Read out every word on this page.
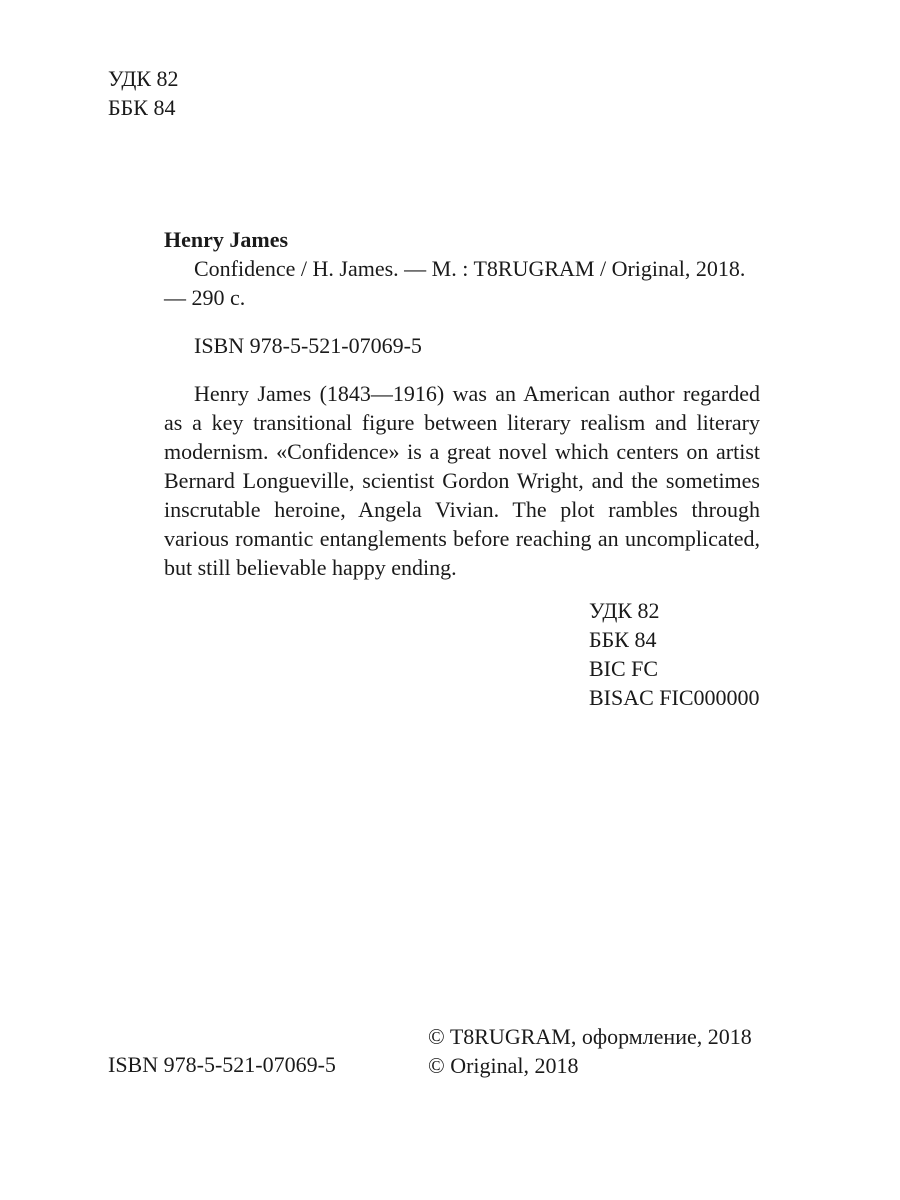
УДК 82
ББК 84
Henry James
Confidence / H. James. — M. : T8RUGRAM / Original, 2018.
— 290 с.
ISBN 978-5-521-07069-5

Henry James (1843—1916) was an American author regarded as a key transitional figure between literary realism and literary modernism. «Confidence» is a great novel which centers on artist Bernard Longueville, scientist Gordon Wright, and the sometimes inscrutable heroine, Angela Vivian. The plot rambles through various romantic entanglements before reaching an uncomplicated, but still believable happy ending.

УДК 82
ББК 84
BIC FC
BISAC FIC000000
© T8RUGRAM, оформление, 2018
© Original, 2018
ISBN 978-5-521-07069-5
